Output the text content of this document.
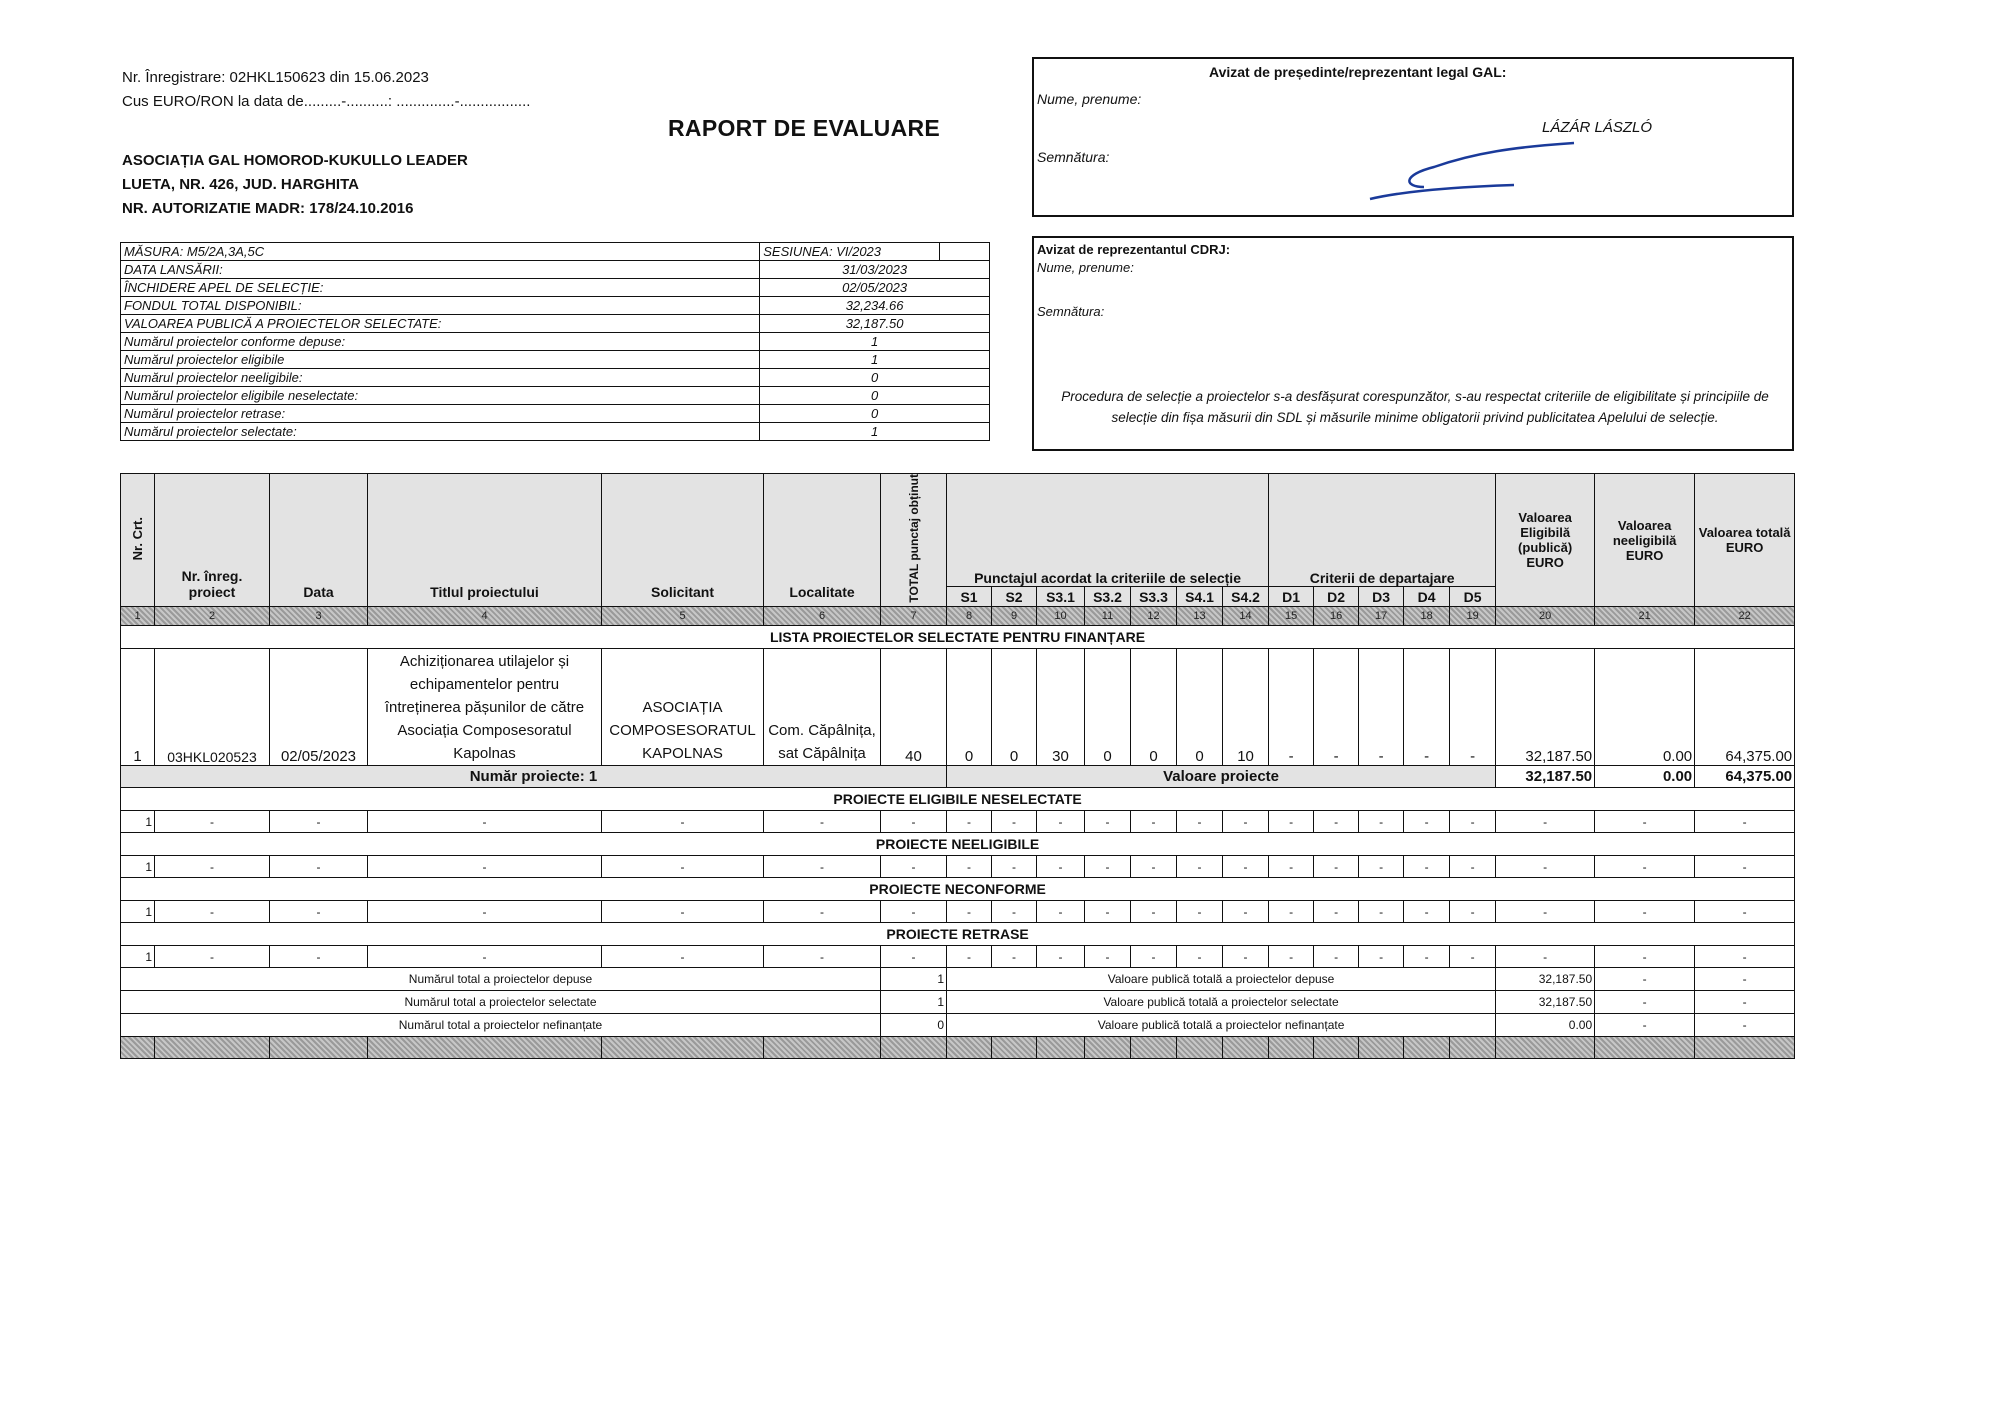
Nr. Înregistrare: 02HKL150623 din 15.06.2023
Cus EURO/RON la data de.........-..........: ..............-.................
ASOCIAȚIA GAL HOMOROD-KUKULLO LEADER
LUETA, NR. 426, JUD. HARGHITA
NR. AUTORIZATIE MADR: 178/24.10.2016
RAPORT DE EVALUARE
Avizat de președinte/reprezentant legal GAL:
Nume, prenume:
Semnătura:
LÁZÁR LÁSZLÓ
MĂSURA: M5/2A,3A,5C	SESIUNEA: VI/2023	
DATA LANSĂRII:	31/03/2023	
ÎNCHIDERE APEL DE SELECȚIE:	02/05/2023	
FONDUL TOTAL DISPONIBIL:	32,234.66	
VALOAREA PUBLICĂ A PROIECTELOR SELECTATE:	32,187.50	
Numărul proiectelor conforme depuse:	1	
Numărul proiectelor eligibile	1	
Numărul proiectelor neeligibile:	0	
Numărul proiectelor eligibile neselectate:	0	
Numărul proiectelor retrase:	0	
Numărul proiectelor selectate:	1	
Avizat de reprezentantul CDRJ:
Nume, prenume:
Semnătura:
Procedura de selecție a proiectelor s-a desfășurat corespunzător, s-au respectat criteriile de eligibilitate și principiile de selecție din fișa măsurii din SDL și măsurile minime obligatorii privind publicitatea Apelului de selecție.
Nr. Crt.	Nr. înreg. proiect	Data	Titlul proiectului	Solicitant	Localitate	TOTAL punctaj obținut	Punctajul acordat la criteriile de selecție							Criterii de departajare					Valoarea Eligibilă (publică) EURO	Valoarea neeligibilă EURO	Valoarea totală EURO
							S1	S2	S3.1	S3.2	S3.3	S4.1	S4.2	D1	D2	D3	D4	D5			
1	2	3	4	5	6	7	8	9	10	11	12	13	14	15	16	17	18	19	20	21	22
LISTA PROIECTELOR SELECTATE PENTRU FINANȚARE																					
1	03HKL020523	02/05/2023	Achiziționarea utilajelor și echipamentelor pentru întreținerea pășunilor de către Asociația Composesoratul Kapolnas	ASOCIAȚIA COMPOSESORATUL KAPOLNAS	Com. Căpâlnița, sat Căpâlnița	40	0	0	30	0	0	0	10	-	-	-	-	-	32,187.50	0.00	64,375.00
Număr proiecte: 1							Valoare proiecte												32,187.50	0.00	64,375.00
PROIECTE ELIGIBILE NESELECTATE																					
1	-	-	-	-	-	-	-	-	-	-	-	-	-	-	-	-	-	-	-	-	-
PROIECTE NEELIGIBILE																					
1	-	-	-	-	-	-	-	-	-	-	-	-	-	-	-	-	-	-	-	-	-
PROIECTE NECONFORME																					
1	-	-	-	-	-	-	-	-	-	-	-	-	-	-	-	-	-	-	-	-	-
PROIECTE RETRASE																					
1	-	-	-	-	-	-	-	-	-	-	-	-	-	-	-	-	-	-	-	-	-
Numărul total a proiectelor depuse						1	Valoare publică totală a proiectelor depuse												32,187.50	-	-
Numărul total a proiectelor selectate						1	Valoare publică totală a proiectelor selectate												32,187.50	-	-
Numărul total a proiectelor nefinanțate						0	Valoare publică totală a proiectelor nefinanțate												0.00	-	-
